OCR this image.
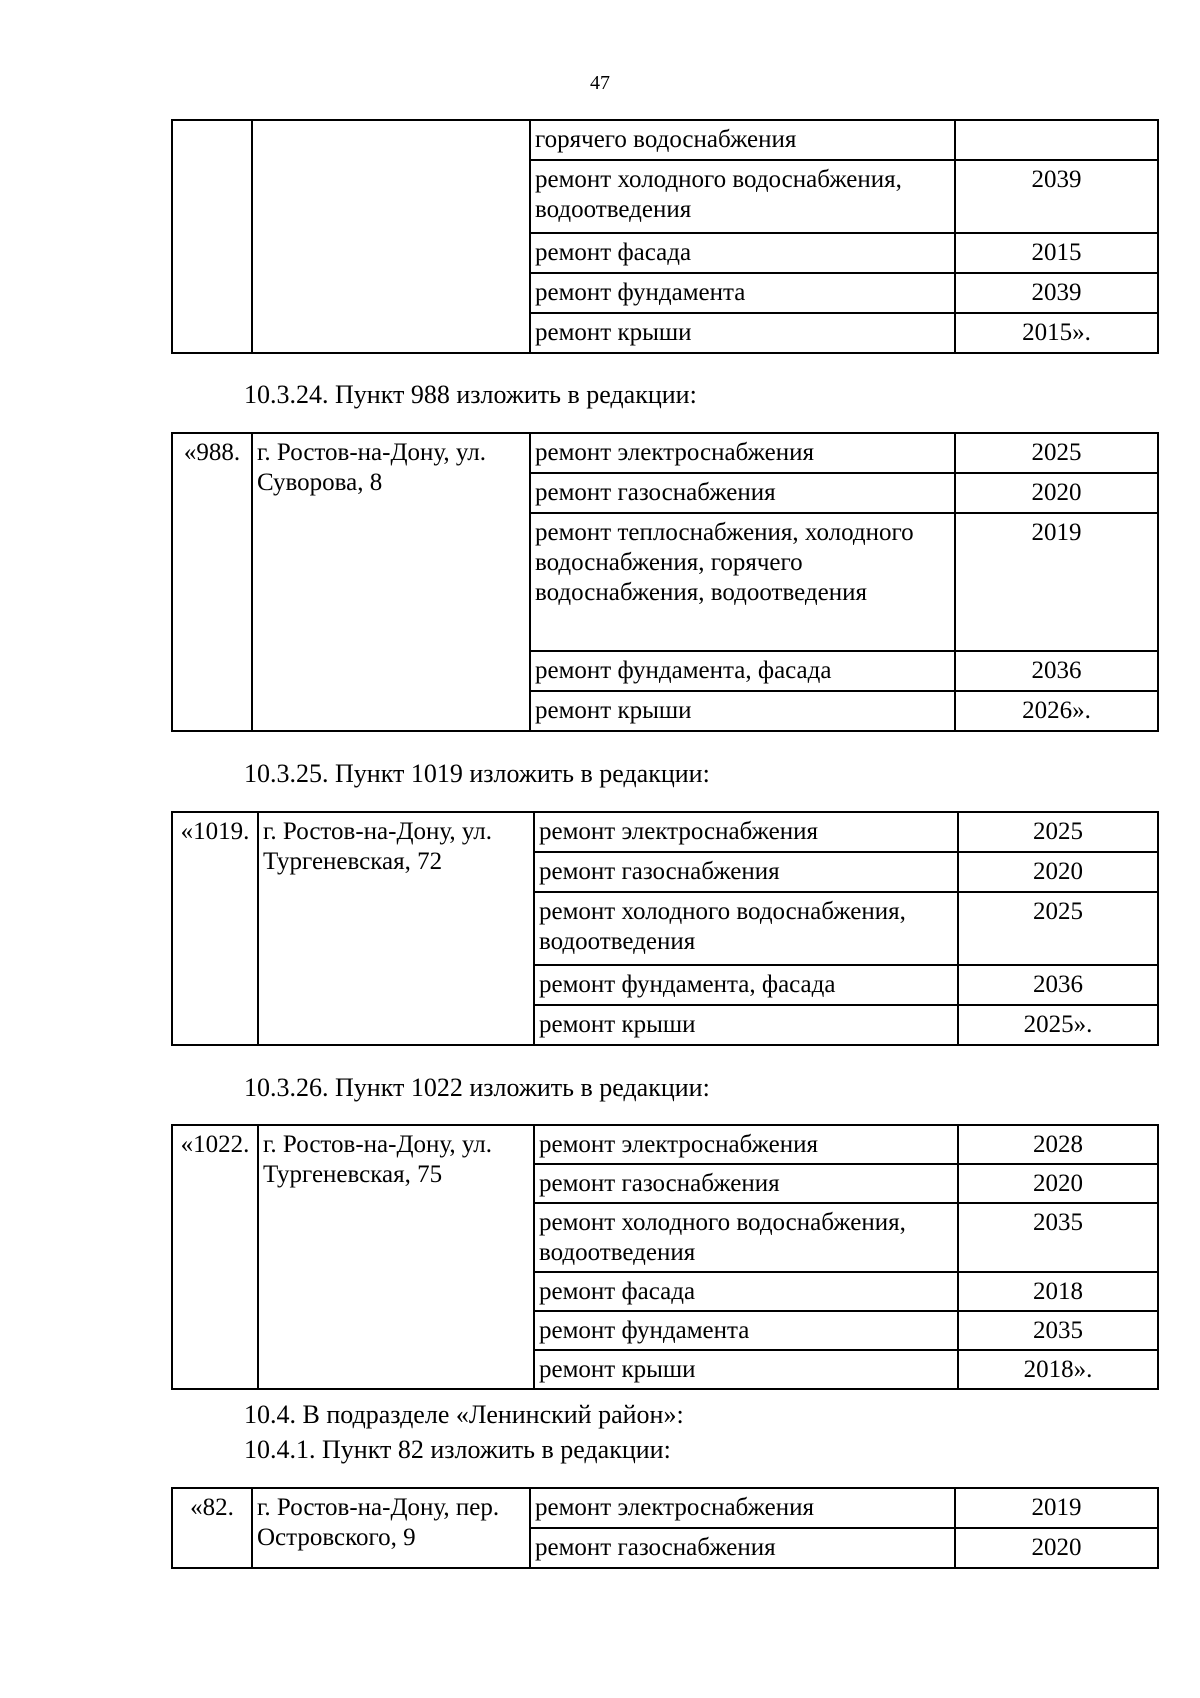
47
		горячего водоснабжения	
		ремонт холодного водоснабжения, водоотведения	2039
		ремонт фасада	2015
		ремонт фундамента	2039
		ремонт крыши	2015».
10.3.24. Пункт 988 изложить в редакции:
«988.	г. Ростов-на-Дону, ул. Суворова, 8	ремонт электроснабжения	2025
		ремонт газоснабжения	2020
		ремонт теплоснабжения, холодного водоснабжения, горячего водоснабжения, водоотведения	2019
		ремонт фундамента, фасада	2036
		ремонт крыши	2026».
10.3.25. Пункт 1019 изложить в редакции:
«1019.	г. Ростов-на-Дону, ул. Тургеневская, 72	ремонт электроснабжения	2025
		ремонт газоснабжения	2020
		ремонт холодного водоснабжения, водоотведения	2025
		ремонт фундамента, фасада	2036
		ремонт крыши	2025».
10.3.26. Пункт 1022 изложить в редакции:
«1022.	г. Ростов-на-Дону, ул. Тургеневская, 75	ремонт электроснабжения	2028
		ремонт газоснабжения	2020
		ремонт холодного водоснабжения, водоотведения	2035
		ремонт фасада	2018
		ремонт фундамента	2035
		ремонт крыши	2018».
10.4. В подразделе «Ленинский район»:
10.4.1. Пункт 82 изложить в редакции:
«82.	г. Ростов-на-Дону, пер. Островского, 9	ремонт электроснабжения	2019
		ремонт газоснабжения	2020
